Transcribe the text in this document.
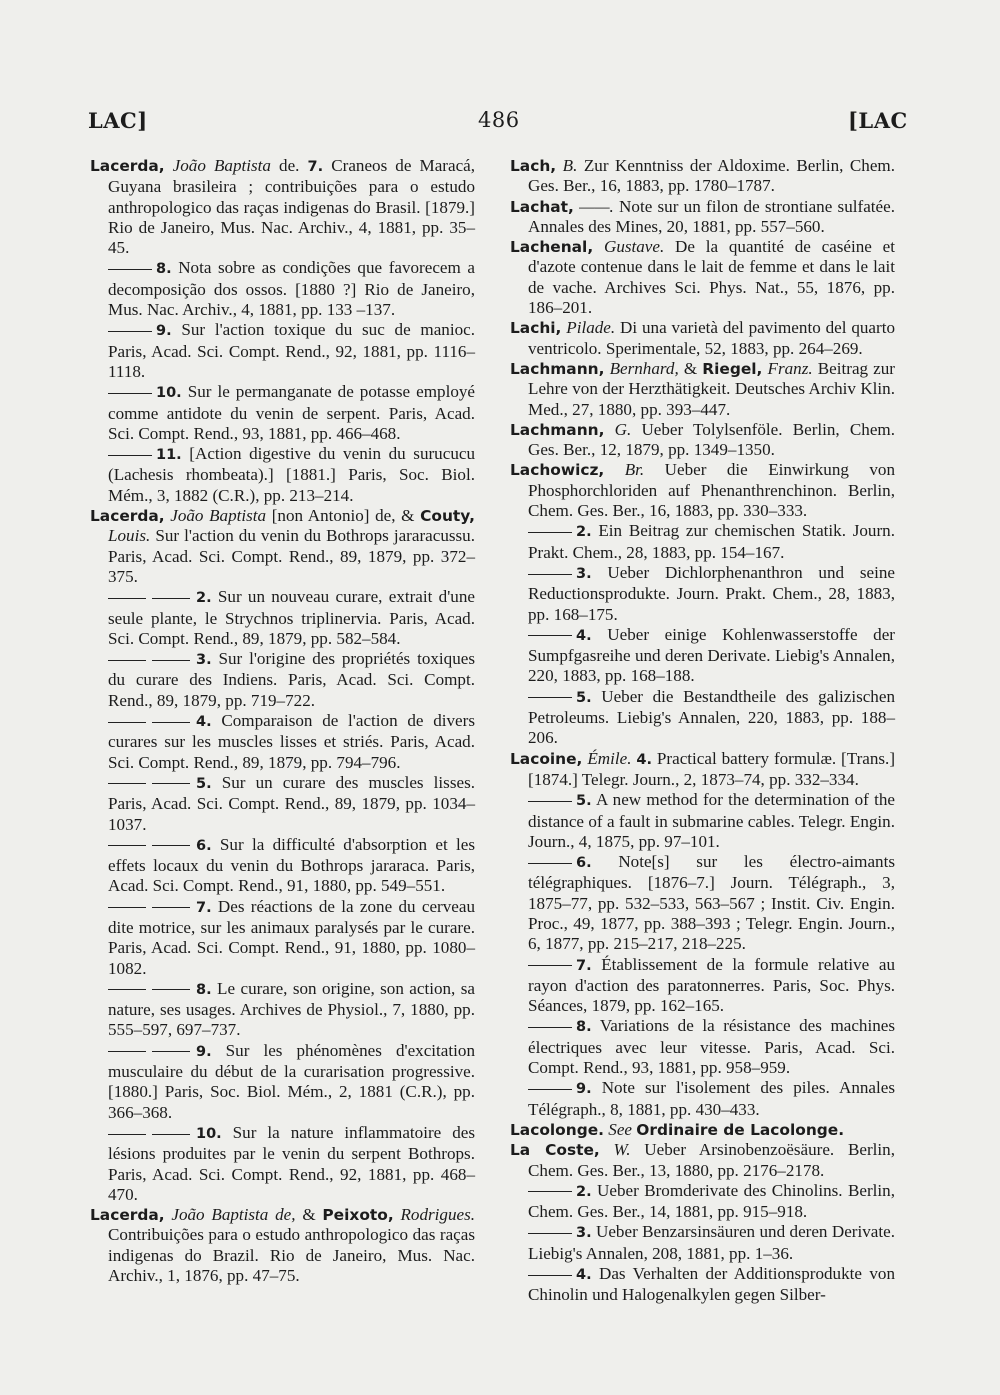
LAC]	486	[LAC

Lacerda, João Baptista de. 7. Craneos de Maracá, Guyana brasileira ; contribuições para o estudo anthropologico das raças indigenas do Brasil. [1879.] Rio de Janeiro, Mus. Nac. Archiv., 4, 1881, pp. 35–45.

8. Nota sobre as condições que favorecem a decomposição dos ossos. [1880 ?] Rio de Janeiro, Mus. Nac. Archiv., 4, 1881, pp. 133 –137.

9. Sur l'action toxique du suc de manioc. Paris, Acad. Sci. Compt. Rend., 92, 1881, pp. 1116–1118.

10. Sur le permanganate de potasse employé comme antidote du venin de serpent. Paris, Acad. Sci. Compt. Rend., 93, 1881, pp. 466–468.

11. [Action digestive du venin du surucucu (Lachesis rhombeata).] [1881.] Paris, Soc. Biol. Mém., 3, 1882 (C.R.), pp. 213–214.

Lacerda, João Baptista [non Antonio] de, & Couty, Louis. Sur l'action du venin du Bothrops jararacussu. Paris, Acad. Sci. Compt. Rend., 89, 1879, pp. 372–375.

2. Sur un nouveau curare, extrait d'une seule plante, le Strychnos triplinervia. Paris, Acad. Sci. Compt. Rend., 89, 1879, pp. 582–584.

3. Sur l'origine des propriétés toxiques du curare des Indiens. Paris, Acad. Sci. Compt. Rend., 89, 1879, pp. 719–722.

4. Comparaison de l'action de divers curares sur les muscles lisses et striés. Paris, Acad. Sci. Compt. Rend., 89, 1879, pp. 794–796.

5. Sur un curare des muscles lisses. Paris, Acad. Sci. Compt. Rend., 89, 1879, pp. 1034–1037.

6. Sur la difficulté d'absorption et les effets locaux du venin du Bothrops jararaca. Paris, Acad. Sci. Compt. Rend., 91, 1880, pp. 549–551.

7. Des réactions de la zone du cerveau dite motrice, sur les animaux paralysés par le curare. Paris, Acad. Sci. Compt. Rend., 91, 1880, pp. 1080–1082.

8. Le curare, son origine, son action, sa nature, ses usages. Archives de Physiol., 7, 1880, pp. 555–597, 697–737.

9. Sur les phénomènes d'excitation musculaire du début de la curarisation progressive. [1880.] Paris, Soc. Biol. Mém., 2, 1881 (C.R.), pp. 366–368.

10. Sur la nature inflammatoire des lésions produites par le venin du serpent Bothrops. Paris, Acad. Sci. Compt. Rend., 92, 1881, pp. 468–470.

Lacerda, João Baptista de, & Peixoto, Rodrigues. Contribuições para o estudo anthropologico das raças indigenas do Brazil. Rio de Janeiro, Mus. Nac. Archiv., 1, 1876, pp. 47–75.

Lach, B. Zur Kenntniss der Aldoxime. Berlin, Chem. Ges. Ber., 16, 1883, pp. 1780–1787.

Lachat, ——. Note sur un filon de strontiane sulfatée. Annales des Mines, 20, 1881, pp. 557–560.

Lachenal, Gustave. De la quantité de caséine et d'azote contenue dans le lait de femme et dans le lait de vache. Archives Sci. Phys. Nat., 55, 1876, pp. 186–201.

Lachi, Pilade. Di una varietà del pavimento del quarto ventricolo. Sperimentale, 52, 1883, pp. 264–269.

Lachmann, Bernhard, & Riegel, Franz. Beitrag zur Lehre von der Herzthätigkeit. Deutsches Archiv Klin. Med., 27, 1880, pp. 393–447.

Lachmann, G. Ueber Tolylsenföle. Berlin, Chem. Ges. Ber., 12, 1879, pp. 1349–1350.

Lachowicz, Br. Ueber die Einwirkung von Phosphorchloriden auf Phenanthrenchinon. Berlin, Chem. Ges. Ber., 16, 1883, pp. 330–333.

2. Ein Beitrag zur chemischen Statik. Journ. Prakt. Chem., 28, 1883, pp. 154–167.

3. Ueber Dichlorphenanthron und seine Reductionsprodukte. Journ. Prakt. Chem., 28, 1883, pp. 168–175.

4. Ueber einige Kohlenwasserstoffe der Sumpfgasreihe und deren Derivate. Liebig's Annalen, 220, 1883, pp. 168–188.

5. Ueber die Bestandtheile des galizischen Petroleums. Liebig's Annalen, 220, 1883, pp. 188–206.

Lacoine, Émile. 4. Practical battery formulæ. [Trans.] [1874.] Telegr. Journ., 2, 1873–74, pp. 332–334.

5. A new method for the determination of the distance of a fault in submarine cables. Telegr. Engin. Journ., 4, 1875, pp. 97–101.

6. Note[s] sur les électro-aimants télégraphiques. [1876–7.] Journ. Télégraph., 3, 1875–77, pp. 532–533, 563–567 ; Instit. Civ. Engin. Proc., 49, 1877, pp. 388–393 ; Telegr. Engin. Journ., 6, 1877, pp. 215–217, 218–225.

7. Établissement de la formule relative au rayon d'action des paratonnerres. Paris, Soc. Phys. Séances, 1879, pp. 162–165.

8. Variations de la résistance des machines électriques avec leur vitesse. Paris, Acad. Sci. Compt. Rend., 93, 1881, pp. 958–959.

9. Note sur l'isolement des piles. Annales Télégraph., 8, 1881, pp. 430–433.

Lacolonge. See Ordinaire de Lacolonge.

La Coste, W. Ueber Arsinobenzoësäure. Berlin, Chem. Ges. Ber., 13, 1880, pp. 2176–2178.

2. Ueber Bromderivate des Chinolins. Berlin, Chem. Ges. Ber., 14, 1881, pp. 915–918.

3. Ueber Benzarsinsäuren und deren Derivate. Liebig's Annalen, 208, 1881, pp. 1–36.

4. Das Verhalten der Additionsprodukte von Chinolin und Halogenalkylen gegen Silber-
